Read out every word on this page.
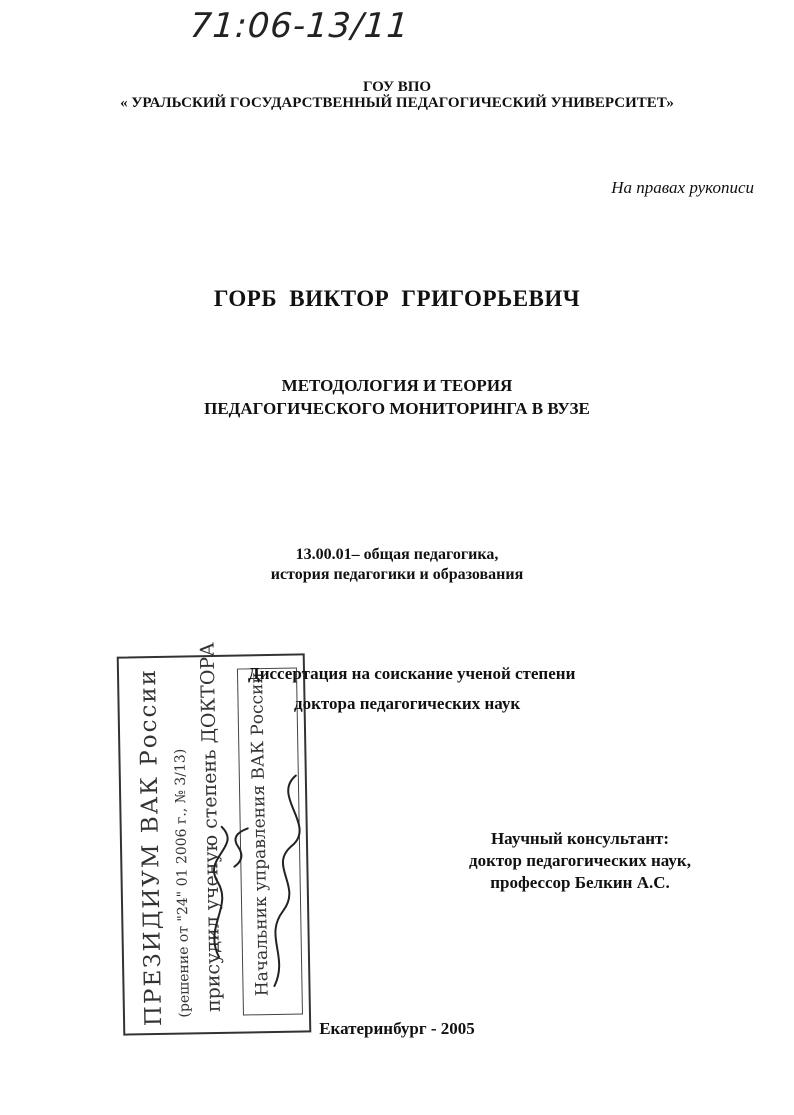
71:06-13/11
ГОУ ВПО
« УРАЛЬСКИЙ ГОСУДАРСТВЕННЫЙ ПЕДАГОГИЧЕСКИЙ УНИВЕРСИТЕТ»
На правах рукописи
ГОРБ ВИКТОР ГРИГОРЬЕВИЧ
МЕТОДОЛОГИЯ И ТЕОРИЯ
ПЕДАГОГИЧЕСКОГО МОНИТОРИНГА В ВУЗЕ
13.00.01– общая педагогика,
история педагогики и образования
ПРЕЗИДИУМ ВАК России (решение от "24" 01 2006 г., № 3/13) присудил ученую степень ДОКТОРА Начальник управления ВАК России
Диссертация на соискание ученой степени
доктора педагогических наук
Научный консультант:
доктор педагогических наук,
профессор Белкин А.С.
Екатеринбург - 2005
